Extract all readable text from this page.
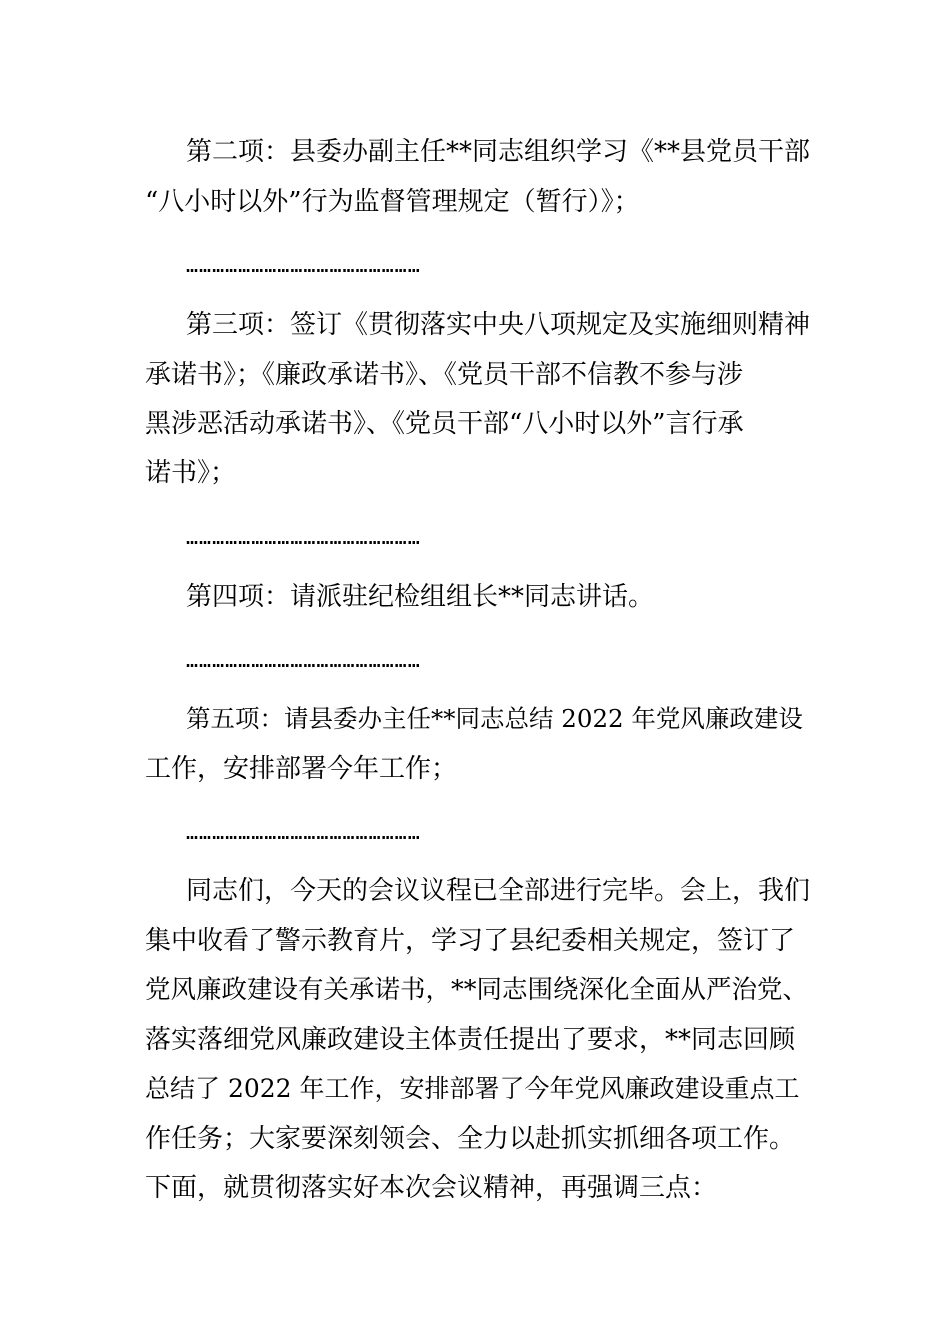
第二项：县委办副主任**同志组织学习《**县党员干部
“八小时以外”行为监督管理规定（暂行）》；
………………………………………………
第三项：签订《贯彻落实中央八项规定及实施细则精神
承诺书》；《廉政承诺书》、《党员干部不信教不参与涉
黑涉恶活动承诺书》、《党员干部“八小时以外”言行承
诺书》；
………………………………………………
第四项：请派驻纪检组组长**同志讲话。
………………………………………………
第五项：请县委办主任**同志总结 2022 年党风廉政建设
工作，安排部署今年工作；
………………………………………………
同志们，今天的会议议程已全部进行完毕。会上，我们
集中收看了警示教育片，学习了县纪委相关规定，签订了
党风廉政建设有关承诺书，**同志围绕深化全面从严治党、
落实落细党风廉政建设主体责任提出了要求，**同志回顾
总结了 2022 年工作，安排部署了今年党风廉政建设重点工
作任务；大家要深刻领会、全力以赴抓实抓细各项工作。
下面，就贯彻落实好本次会议精神，再强调三点：
